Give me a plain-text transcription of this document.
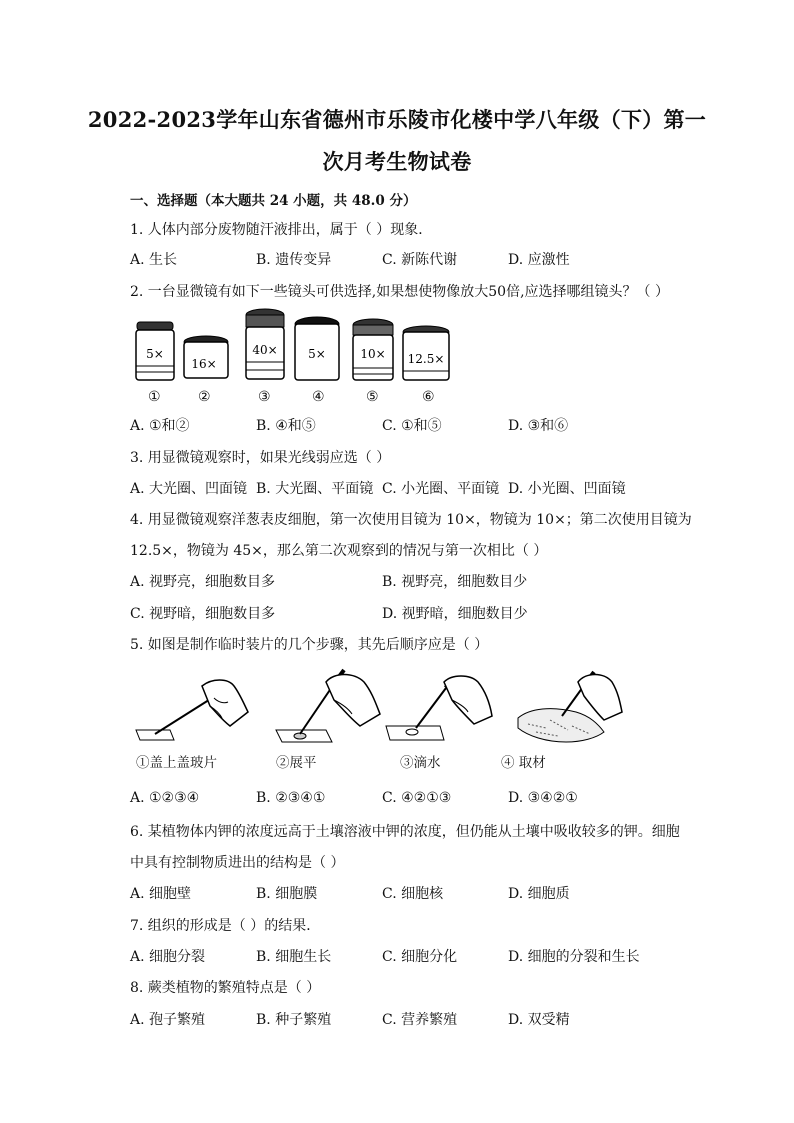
2022-2023学年山东省德州市乐陵市化楼中学八年级（下）第一
次月考生物试卷
一、选择题（本大题共 24 小题，共 48.0 分）
1. 人体内部分废物随汗液排出，属于（ ）现象．
A. 生长	B. 遗传变异	C. 新陈代谢	D. 应激性
2. 一台显微镜有如下一些镜头可供选择,如果想使物像放大50倍,应选择哪组镜头？（ ）
5×
16×
40×	5×	10× 12.5×
①	②	③	④	⑤	⑥
A. ①和②	B. ④和⑤	C. ①和⑤	D. ③和⑥
3. 用显微镜观察时，如果光线弱应选（ ）
A. 大光圈、凹面镜 B. 大光圈、平面镜 C. 小光圈、平面镜 D. 小光圈、凹面镜
4. 用显微镜观察洋葱表皮细胞，第一次使用目镜为 10×，物镜为 10×；第二次使用目镜为
12.5×，物镜为 45×，那么第二次观察到的情况与第一次相比（ ）
A. 视野亮，细胞数目多	B. 视野亮，细胞数目少
C. 视野暗，细胞数目多	D. 视野暗，细胞数目少
5. 如图是制作临时装片的几个步骤，其先后顺序应是（ ）
①盖上盖玻片	②展平	③滴水	④ 取材
A. ①②③④	B. ②③④①	C. ④②①③	D. ③④②①
6. 某植物体内钾的浓度远高于土壤溶液中钾的浓度，但仍能从土壤中吸收较多的钾。细胞
中具有控制物质进出的结构是（ ）
A. 细胞壁	B. 细胞膜	C. 细胞核	D. 细胞质
7. 组织的形成是（ ）的结果．
A. 细胞分裂	B. 细胞生长	C. 细胞分化	D. 细胞的分裂和生长
8. 蕨类植物的繁殖特点是（ ）
A. 孢子繁殖	B. 种子繁殖	C. 营养繁殖	D. 双受精
